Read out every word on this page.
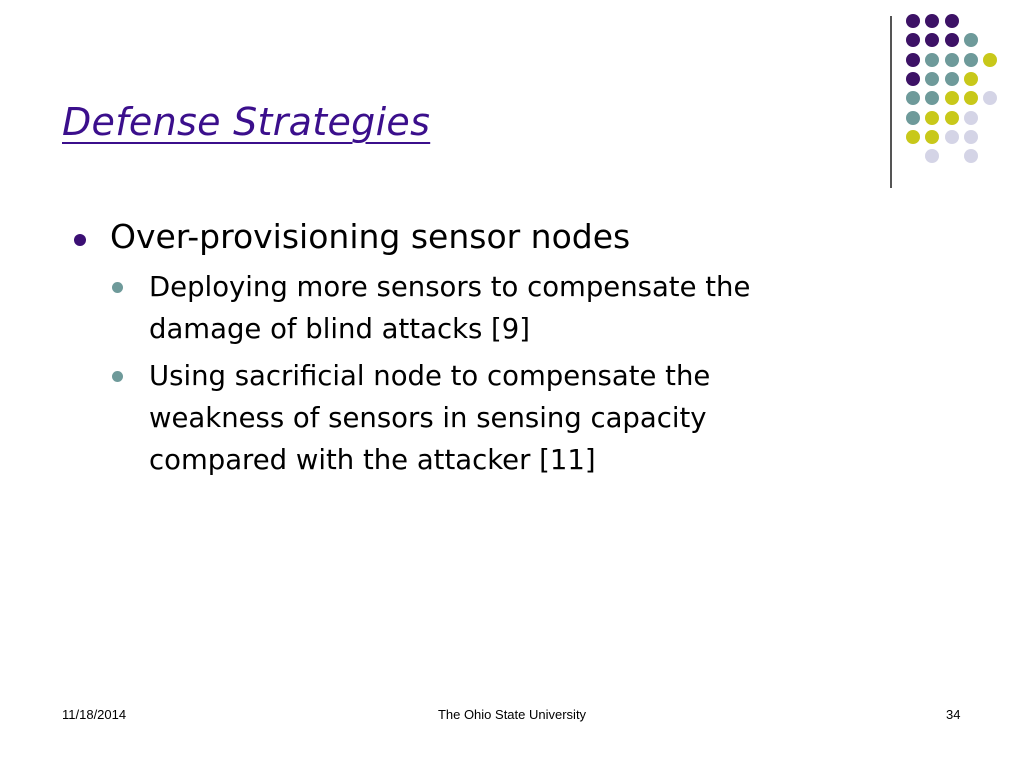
Defense Strategies
Over-provisioning sensor nodes
Deploying more sensors to compensate the
damage of blind attacks [9]
Using sacrificial node to compensate the
weakness of sensors in sensing capacity
compared with the attacker [11]
11/18/2014	The Ohio State University	34
